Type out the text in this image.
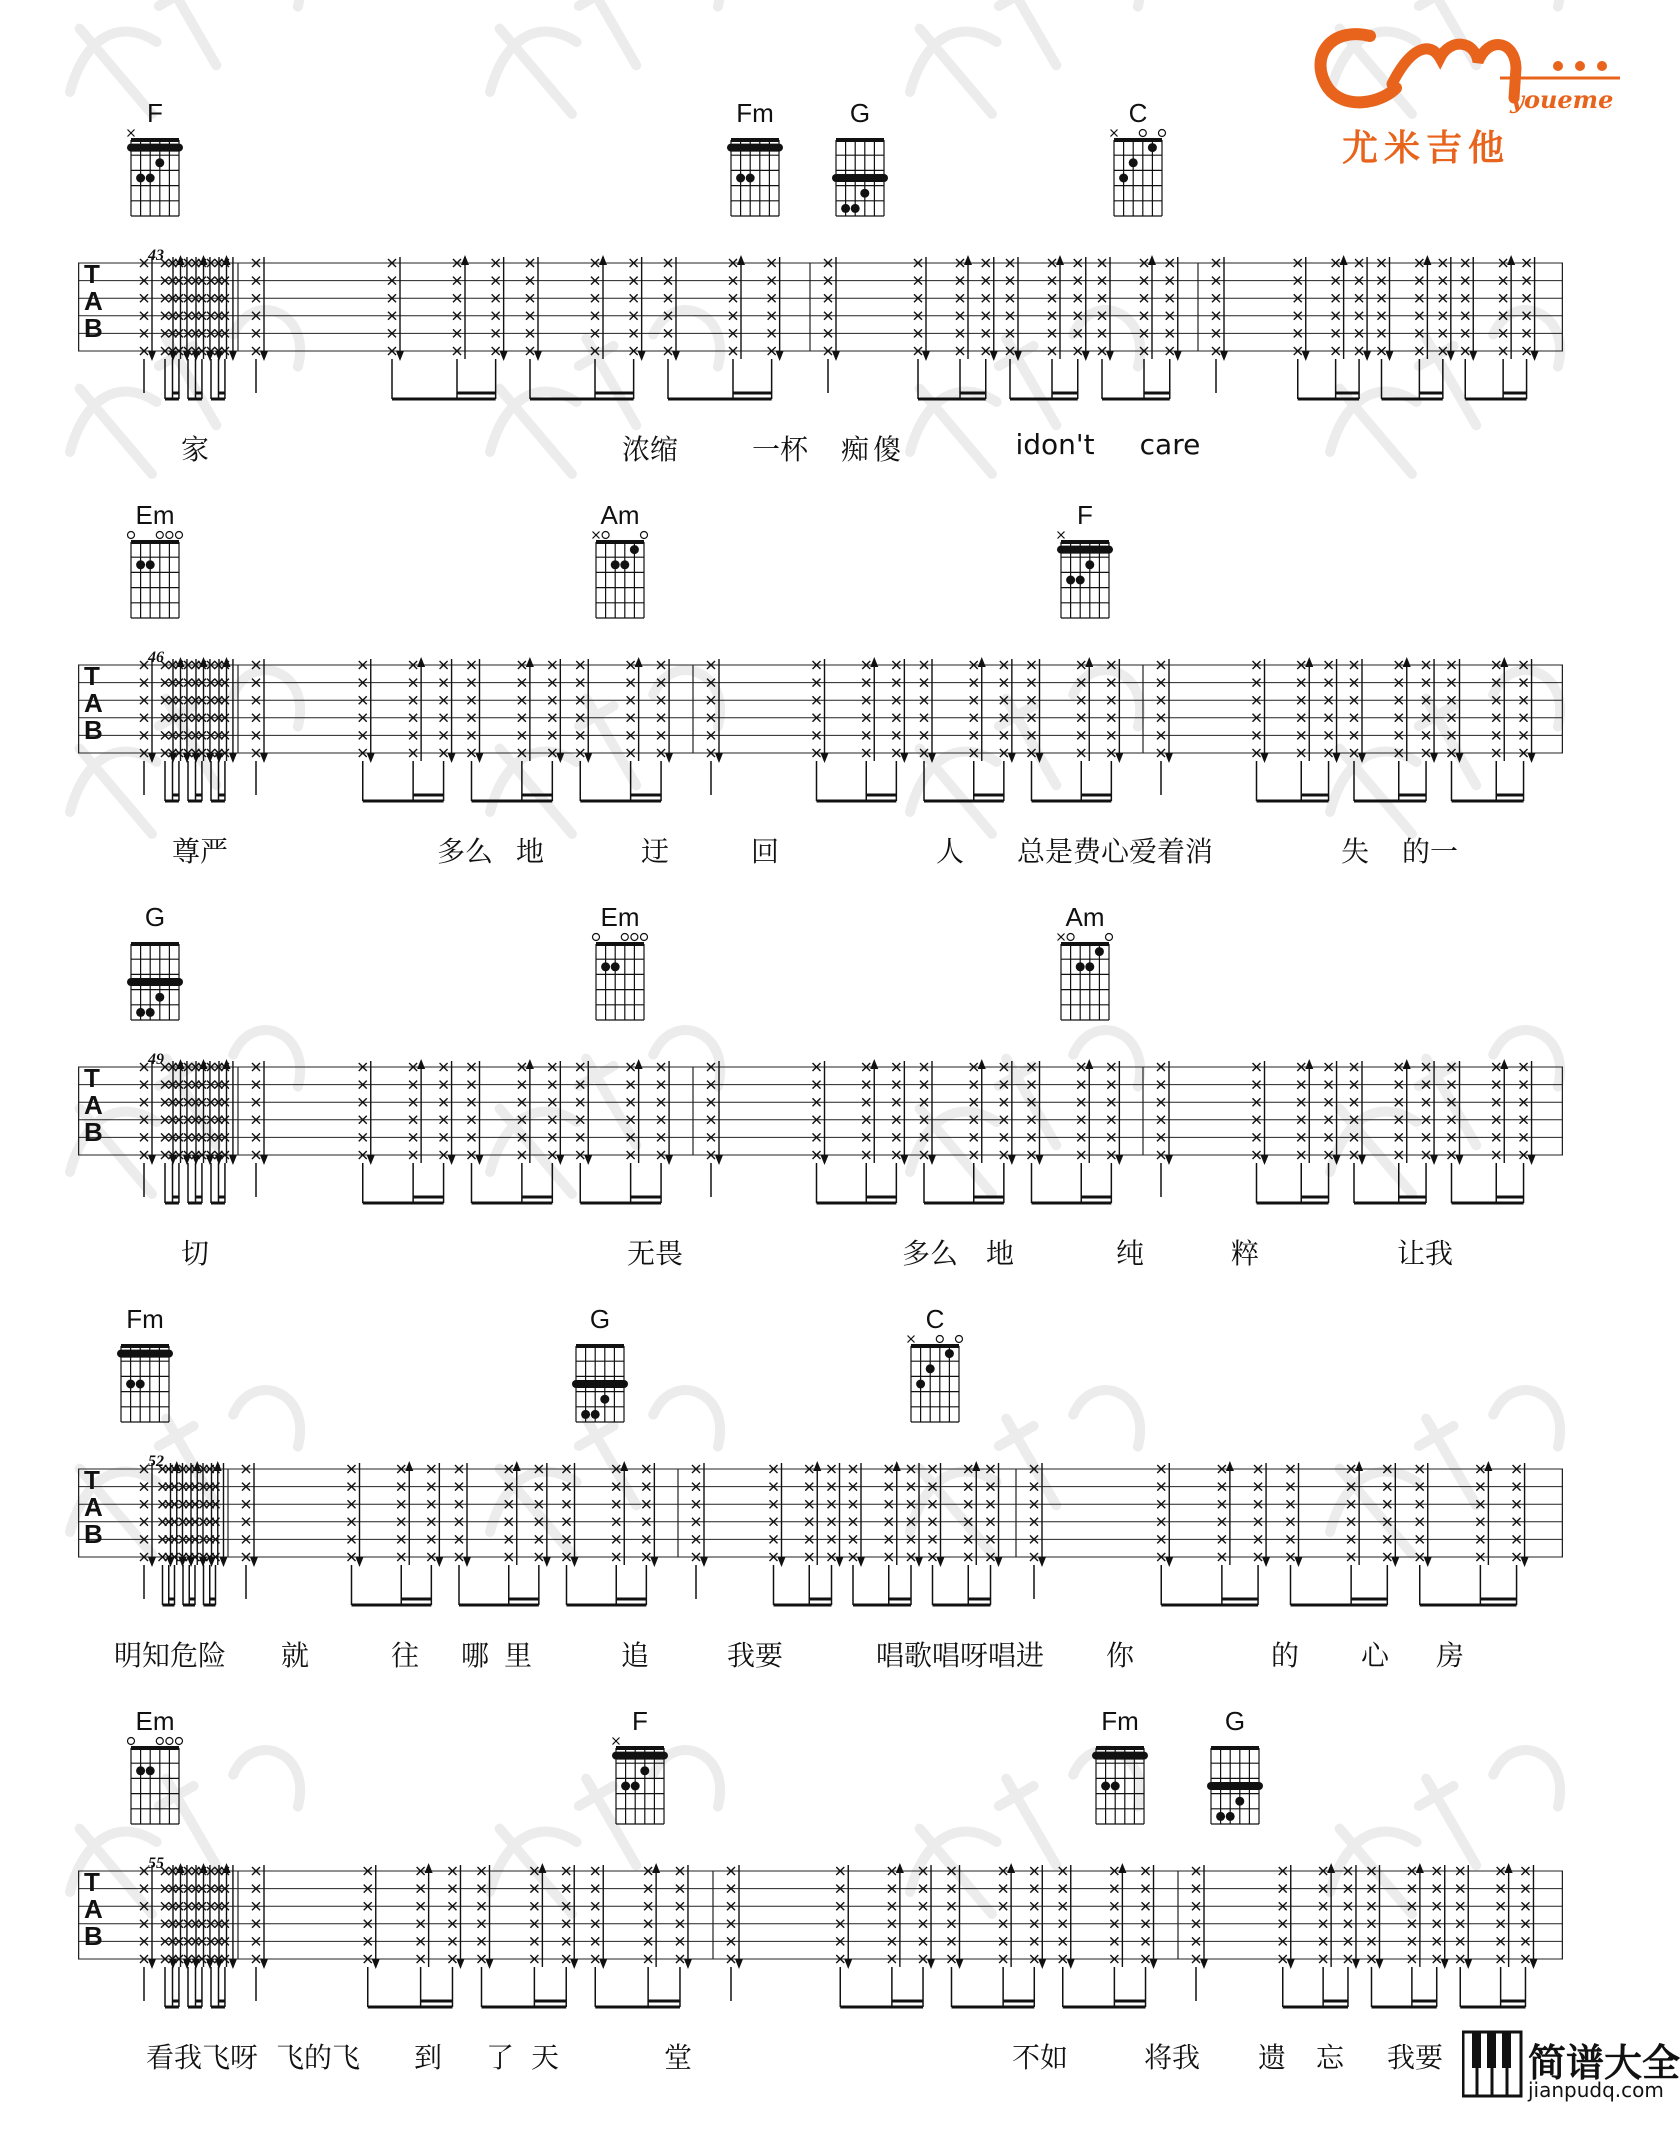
youeme
尤米吉他
F	Fm	G	C
T
A
B
43
家	浓缩	一杯 痴 傻	idon't care
Em	Am	F
T
A
B
46
尊严	多么 地	迂	回	人 总是费心爱着消	失 的一
G	Em	Am
T
A
B
49
切	无畏	多么 地	纯	粹	让我
Fm	G	C
T
A
B
52
明知危险 就	往 哪 里	追	我要	唱歌唱呀唱进 你	的 心 房
Em	F	Fm	G
T
A
B
55
看我飞呀 飞的飞 到 了 天	堂	不如	将我 遗 忘 我要 简谱大全
jianpudq.com
